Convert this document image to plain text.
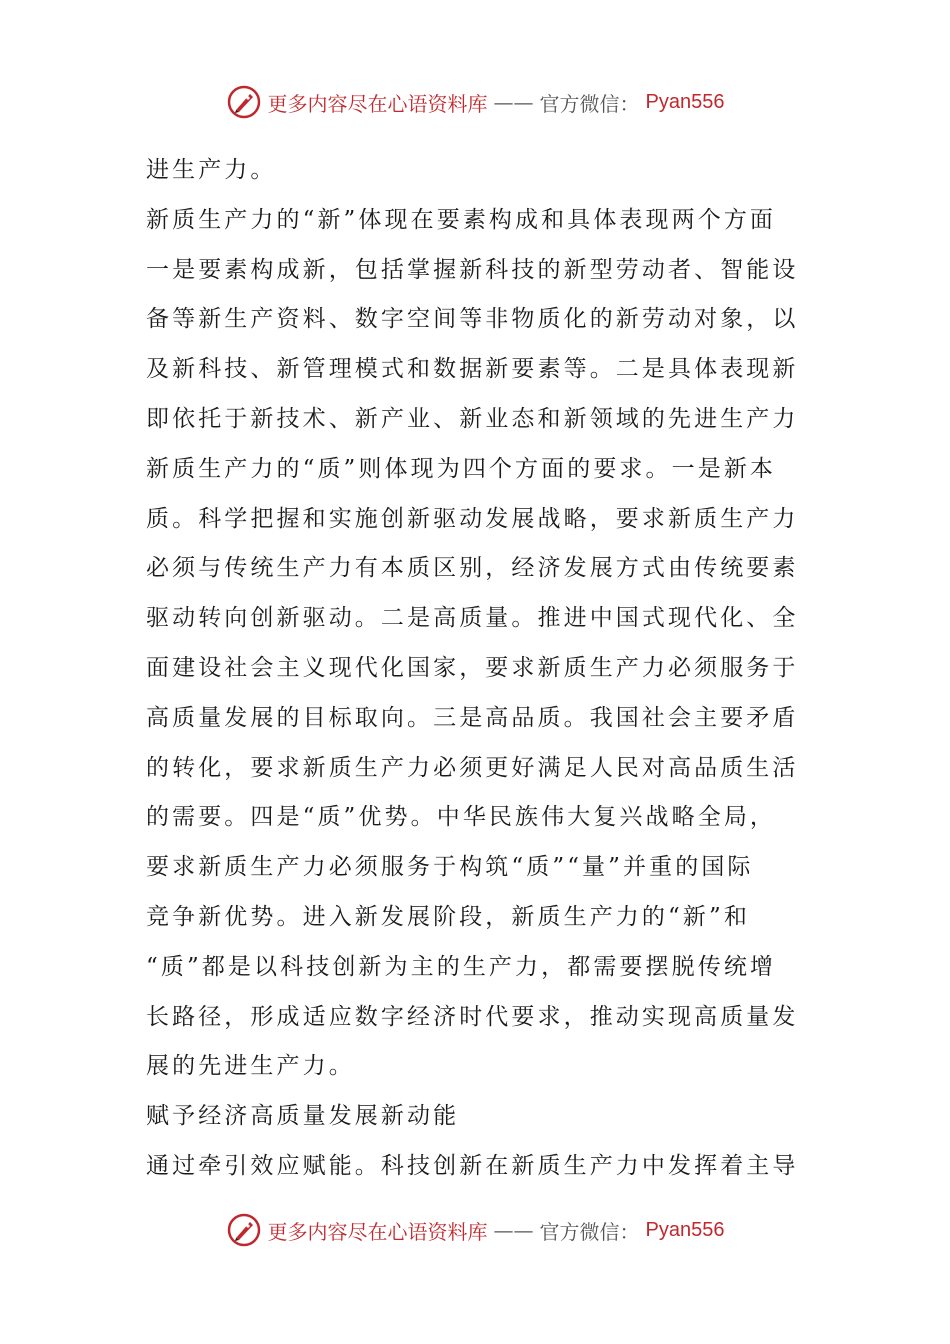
更多内容尽在心语资料库 —— 官方微信： Pyan556
进生产力。
新质生产力的“新”体现在要素构成和具体表现两个方面
一是要素构成新，包括掌握新科技的新型劳动者、智能设
备等新生产资料、数字空间等非物质化的新劳动对象，以
及新科技、新管理模式和数据新要素等。二是具体表现新
即依托于新技术、新产业、新业态和新领域的先进生产力
新质生产力的“质”则体现为四个方面的要求。一是新本
质。科学把握和实施创新驱动发展战略，要求新质生产力
必须与传统生产力有本质区别，经济发展方式由传统要素
驱动转向创新驱动。二是高质量。推进中国式现代化、全
面建设社会主义现代化国家，要求新质生产力必须服务于
高质量发展的目标取向。三是高品质。我国社会主要矛盾
的转化，要求新质生产力必须更好满足人民对高品质生活
的需要。四是“质”优势。中华民族伟大复兴战略全局，
要求新质生产力必须服务于构筑“质”“量”并重的国际
竞争新优势。进入新发展阶段，新质生产力的“新”和
“质”都是以科技创新为主的生产力，都需要摆脱传统增
长路径，形成适应数字经济时代要求，推动实现高质量发
展的先进生产力。
赋予经济高质量发展新动能
通过牵引效应赋能。科技创新在新质生产力中发挥着主导
更多内容尽在心语资料库 —— 官方微信： Pyan556
